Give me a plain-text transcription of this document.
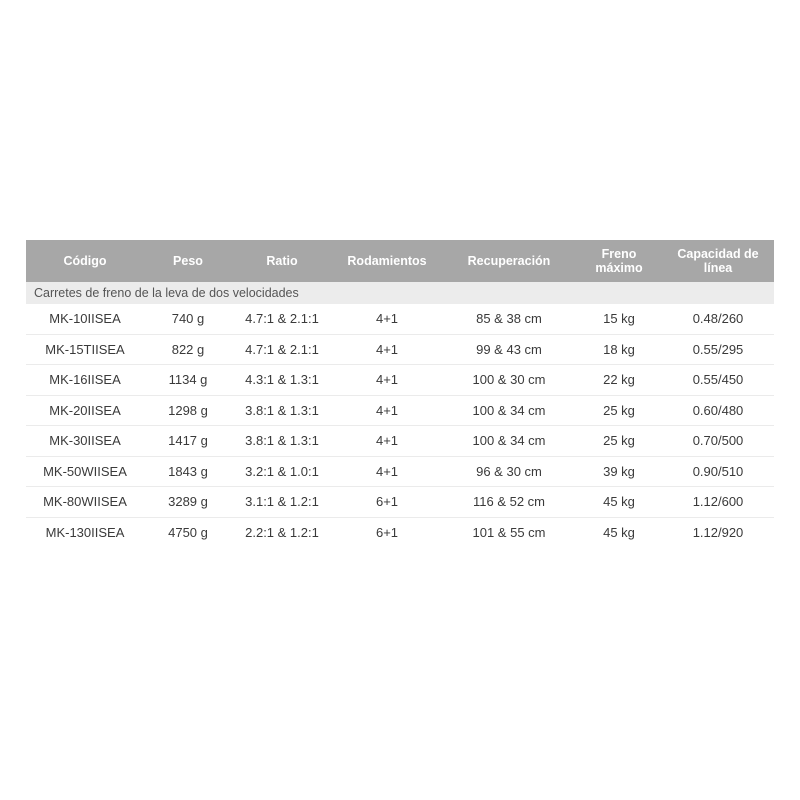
Código	Peso	Ratio	Rodamientos	Recuperación	Freno máximo	Capacidad de línea
Carretes de freno de la leva de dos velocidades						
MK-10IISEA	740 g	4.7:1 & 2.1:1	4+1	85 & 38 cm	15 kg	0.48/260
MK-15TIISEA	822 g	4.7:1 & 2.1:1	4+1	99 & 43 cm	18 kg	0.55/295
MK-16IISEA	1134 g	4.3:1 & 1.3:1	4+1	100 & 30 cm	22 kg	0.55/450
MK-20IISEA	1298 g	3.8:1 & 1.3:1	4+1	100 & 34 cm	25 kg	0.60/480
MK-30IISEA	1417 g	3.8:1 & 1.3:1	4+1	100 & 34 cm	25 kg	0.70/500
MK-50WIISEA	1843 g	3.2:1 & 1.0:1	4+1	96 & 30 cm	39 kg	0.90/510
MK-80WIISEA	3289 g	3.1:1 & 1.2:1	6+1	116 & 52 cm	45 kg	1.12/600
MK-130IISEA	4750 g	2.2:1 & 1.2:1	6+1	101 & 55 cm	45 kg	1.12/920
